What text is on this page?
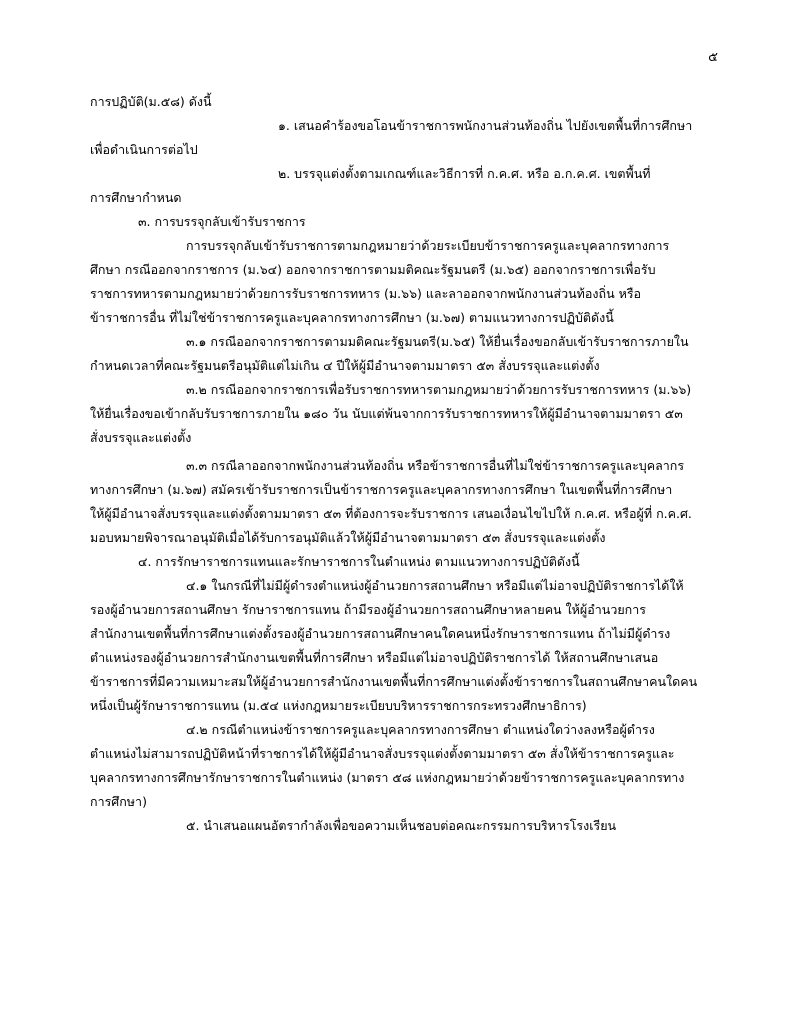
๕
การปฏิบัติ(ม.๕๘) ดังนี้
๑. เสนอคำร้องขอโอนข้าราชการพนักงานส่วนท้องถิ่น ไปยังเขตพื้นที่การศึกษา
เพื่อดำเนินการต่อไป
๒. บรรจุแต่งตั้งตามเกณฑ์และวิธีการที่ ก.ค.ศ. หรือ อ.ก.ค.ศ. เขตพื้นที่
การศึกษากำหนด
๓. การบรรจุกลับเข้ารับราชการ
การบรรจุกลับเข้ารับราชการตามกฎหมายว่าด้วยระเบียบข้าราชการครูและบุคลากรทางการ
ศึกษา กรณีออกจากราชการ (ม.๖๔) ออกจากราชการตามมติคณะรัฐมนตรี (ม.๖๕) ออกจากราชการเพื่อรับ
ราชการทหารตามกฎหมายว่าด้วยการรับราชการทหาร (ม.๖๖) และลาออกจากพนักงานส่วนท้องถิ่น หรือ
ข้าราชการอื่น ที่ไม่ใช่ข้าราชการครูและบุคลากรทางการศึกษา (ม.๖๗) ตามแนวทางการปฏิบัติดังนี้
๓.๑ กรณีออกจากราชการตามมติคณะรัฐมนตรี(ม.๖๕) ให้ยื่นเรื่องขอกลับเข้ารับราชการภายใน
กำหนดเวลาที่คณะรัฐมนตรีอนุมัติแต่ไม่เกิน ๔ ปีให้ผู้มีอำนาจตามมาตรา ๕๓ สั่งบรรจุและแต่งตั้ง
๓.๒ กรณีออกจากราชการเพื่อรับราชการทหารตามกฎหมายว่าด้วยการรับราชการทหาร (ม.๖๖)
ให้ยื่นเรื่องขอเข้ากลับรับราชการภายใน ๑๘๐ วัน นับแต่พ้นจากการรับราชการทหารให้ผู้มีอำนาจตามมาตรา ๕๓
สั่งบรรจุและแต่งตั้ง
๓.๓ กรณีลาออกจากพนักงานส่วนท้องถิ่น หรือข้าราชการอื่นที่ไม่ใช่ข้าราชการครูและบุคลากร
ทางการศึกษา (ม.๖๗) สมัครเข้ารับราชการเป็นข้าราชการครูและบุคลากรทางการศึกษา ในเขตพื้นที่การศึกษา
ให้ผู้มีอำนาจสั่งบรรจุและแต่งตั้งตามมาตรา ๕๓ ที่ต้องการจะรับราชการ เสนอเงื่อนไขไปให้ ก.ค.ศ. หรือผู้ที่ ก.ค.ศ.
มอบหมายพิจารณาอนุมัติเมื่อได้รับการอนุมัติแล้วให้ผู้มีอำนาจตามมาตรา ๕๓ สั่งบรรจุและแต่งตั้ง
๔. การรักษาราชการแทนและรักษาราชการในตำแหน่ง ตามแนวทางการปฏิบัติดังนี้
๔.๑ ในกรณีที่ไม่มีผู้ดำรงตำแหน่งผู้อำนวยการสถานศึกษา หรือมีแต่ไม่อาจปฏิบัติราชการได้ให้
รองผู้อำนวยการสถานศึกษา รักษาราชการแทน ถ้ามีรองผู้อำนวยการสถานศึกษาหลายคน ให้ผู้อำนวยการ
สำนักงานเขตพื้นที่การศึกษาแต่งตั้งรองผู้อำนวยการสถานศึกษาคนใดคนหนึ่งรักษาราชการแทน ถ้าไม่มีผู้ดำรง
ตำแหน่งรองผู้อำนวยการสำนักงานเขตพื้นที่การศึกษา หรือมีแต่ไม่อาจปฏิบัติราชการได้ ให้สถานศึกษาเสนอ
ข้าราชการที่มีความเหมาะสมให้ผู้อำนวยการสำนักงานเขตพื้นที่การศึกษาแต่งตั้งข้าราชการในสถานศึกษาคนใดคน
หนึ่งเป็นผู้รักษาราชการแทน (ม.๕๔ แห่งกฎหมายระเบียบบริหารราชการกระทรวงศึกษาธิการ)
๔.๒ กรณีตำแหน่งข้าราชการครูและบุคลากรทางการศึกษา ตำแหน่งใดว่างลงหรือผู้ดำรง
ตำแหน่งไม่สามารถปฏิบัติหน้าที่ราชการได้ให้ผู้มีอำนาจสั่งบรรจุแต่งตั้งตามมาตรา ๕๓ สั่งให้ข้าราชการครูและ
บุคลากรทางการศึกษารักษาราชการในตำแหน่ง (มาตรา ๕๘ แห่งกฎหมายว่าด้วยข้าราชการครูและบุคลากรทาง
การศึกษา)
๕. นำเสนอแผนอัตรากำลังเพื่อขอความเห็นชอบต่อคณะกรรมการบริหารโรงเรียน
